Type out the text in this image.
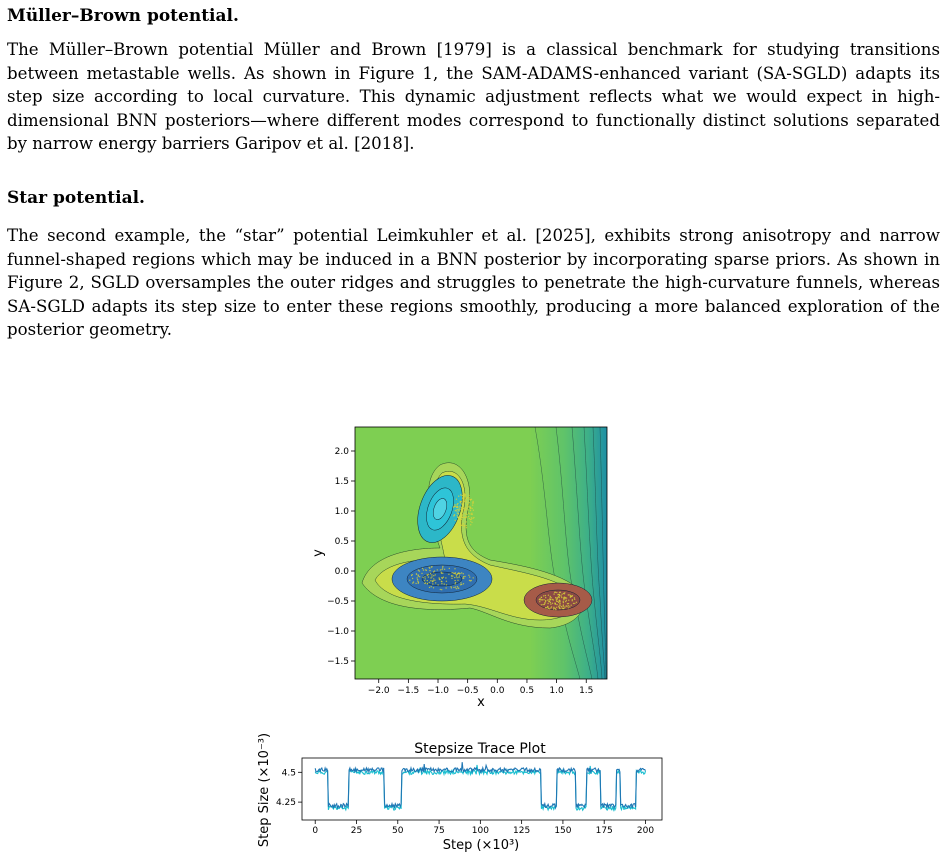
Müller–Brown potential.

The Müller–Brown potential Müller and Brown [1979] is a classical benchmark for studying transitions between metastable wells. As shown in Figure 1, the SAM-ADAMS-enhanced variant (SA-SGLD) adapts its step size according to local curvature. This dynamic adjustment reflects what we would expect in high-dimensional BNN posteriors—where different modes correspond to functionally distinct solutions separated by narrow energy barriers Garipov et al. [2018].

Star potential.

The second example, the “star” potential Leimkuhler et al. [2025], exhibits strong anisotropy and narrow funnel-shaped regions which may be induced in a BNN posterior by incorporating sparse priors. As shown in Figure 2, SGLD oversamples the outer ridges and struggles to penetrate the high-curvature funnels, whereas SA-SGLD adapts its step size to enter these regions smoothly, producing a more balanced exploration of the posterior geometry.

−2.0 −1.5 −1.0 −0.5 0.0 0.5 1.0 1.5
−1.5
−1.0
−0.5
0.0
0.5
1.0
1.5
2.0
x
y
Stepsize Trace Plot
0	25	50	75	100	125	150	175	200
4.25
4.5
Step (×10³)
Step Size (×10⁻³)
